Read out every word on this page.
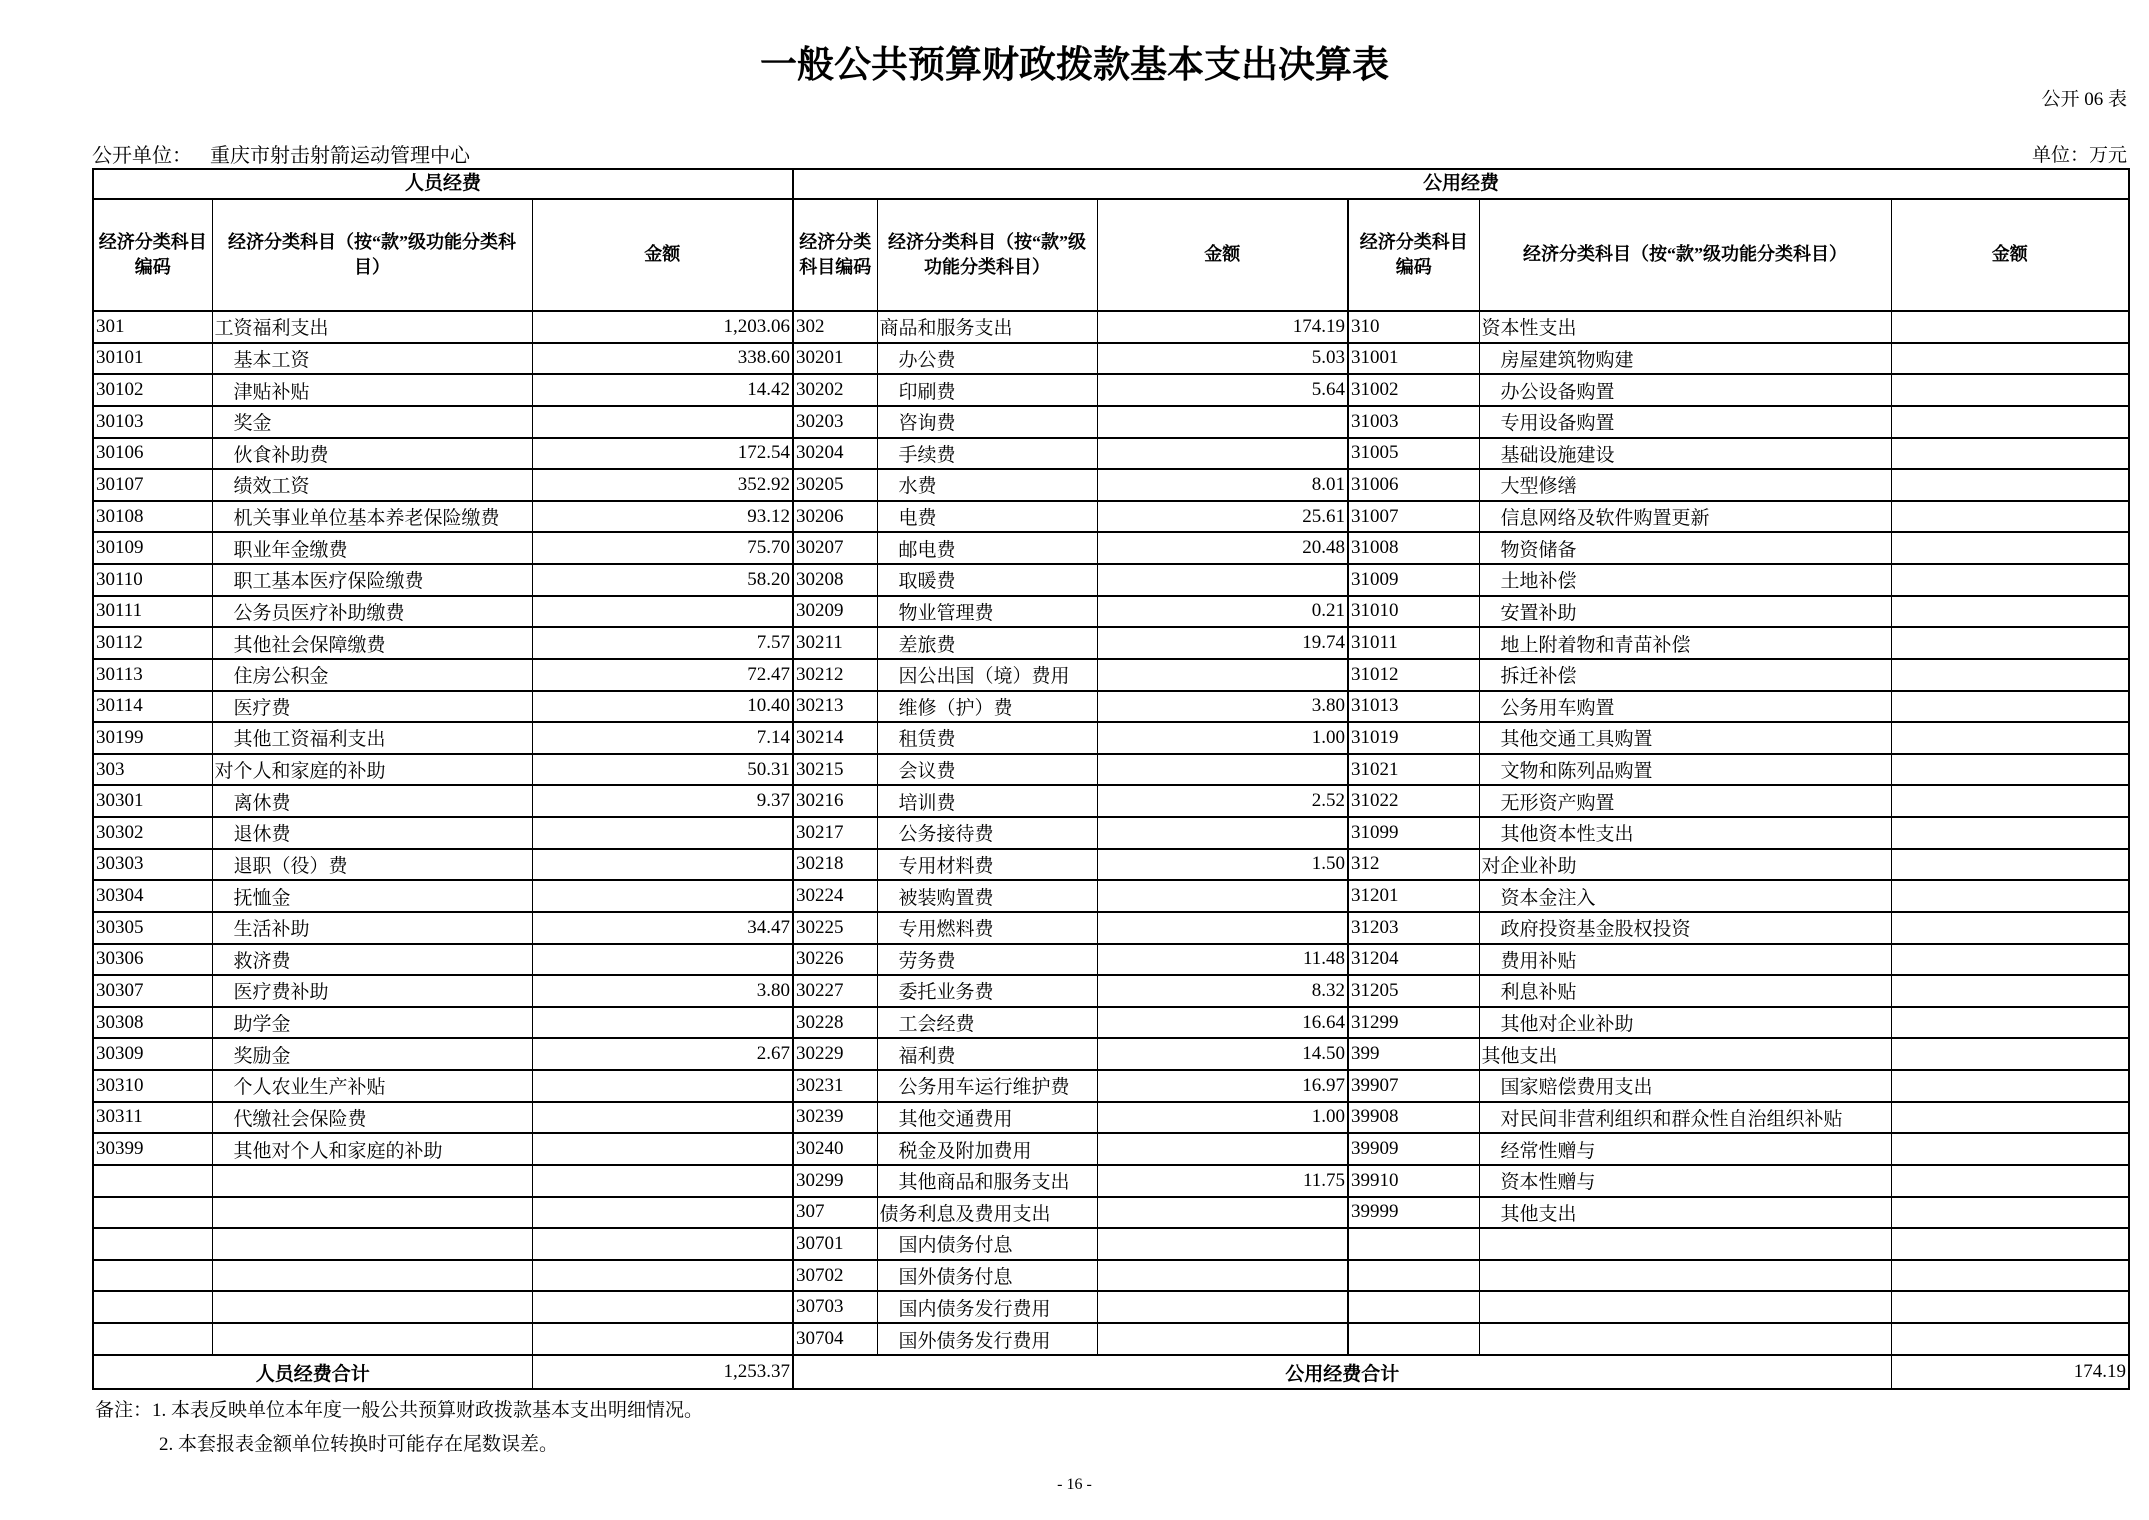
一般公共预算财政拨款基本支出决算表
公开 06 表
公开单位： 重庆市射击射箭运动管理中心	单位：万元
人员经费			公用经费					
经济分类科目编码	经济分类科目（按“款”级功能分类科目）	金额	经济分类科目编码	经济分类科目（按“款”级功能分类科目）	金额	经济分类科目编码	经济分类科目（按“款”级功能分类科目）	金额
301	工资福利支出	1,203.06	302	商品和服务支出	174.19	310	资本性支出	
30101	　基本工资	338.60	30201	　办公费	5.03	31001	　房屋建筑物购建	
30102	　津贴补贴	14.42	30202	　印刷费	5.64	31002	　办公设备购置	
30103	　奖金		30203	　咨询费		31003	　专用设备购置	
30106	　伙食补助费	172.54	30204	　手续费		31005	　基础设施建设	
30107	　绩效工资	352.92	30205	　水费	8.01	31006	　大型修缮	
30108	　机关事业单位基本养老保险缴费	93.12	30206	　电费	25.61	31007	　信息网络及软件购置更新	
30109	　职业年金缴费	75.70	30207	　邮电费	20.48	31008	　物资储备	
30110	　职工基本医疗保险缴费	58.20	30208	　取暖费		31009	　土地补偿	
30111	　公务员医疗补助缴费		30209	　物业管理费	0.21	31010	　安置补助	
30112	　其他社会保障缴费	7.57	30211	　差旅费	19.74	31011	　地上附着物和青苗补偿	
30113	　住房公积金	72.47	30212	　因公出国（境）费用		31012	　拆迁补偿	
30114	　医疗费	10.40	30213	　维修（护）费	3.80	31013	　公务用车购置	
30199	　其他工资福利支出	7.14	30214	　租赁费	1.00	31019	　其他交通工具购置	
303	对个人和家庭的补助	50.31	30215	　会议费		31021	　文物和陈列品购置	
30301	　离休费	9.37	30216	　培训费	2.52	31022	　无形资产购置	
30302	　退休费		30217	　公务接待费		31099	　其他资本性支出	
30303	　退职（役）费		30218	　专用材料费	1.50	312	对企业补助	
30304	　抚恤金		30224	　被装购置费		31201	　资本金注入	
30305	　生活补助	34.47	30225	　专用燃料费		31203	　政府投资基金股权投资	
30306	　救济费		30226	　劳务费	11.48	31204	　费用补贴	
30307	　医疗费补助	3.80	30227	　委托业务费	8.32	31205	　利息补贴	
30308	　助学金		30228	　工会经费	16.64	31299	　其他对企业补助	
30309	　奖励金	2.67	30229	　福利费	14.50	399	其他支出	
30310	　个人农业生产补贴		30231	　公务用车运行维护费	16.97	39907	　国家赔偿费用支出	
30311	　代缴社会保险费		30239	　其他交通费用	1.00	39908	　对民间非营利组织和群众性自治组织补贴	
30399	　其他对个人和家庭的补助		30240	　税金及附加费用		39909	　经常性赠与	
			30299	　其他商品和服务支出	11.75	39910	　资本性赠与	
			307	债务利息及费用支出		39999	　其他支出	
			30701	　国内债务付息				
			30702	　国外债务付息				
			30703	　国内债务发行费用				
			30704	　国外债务发行费用				
人员经费合计		1,253.37	公用经费合计					174.19
备注：1. 本表反映单位本年度一般公共预算财政拨款基本支出明细情况。
2. 本套报表金额单位转换时可能存在尾数误差。
- 16 -
